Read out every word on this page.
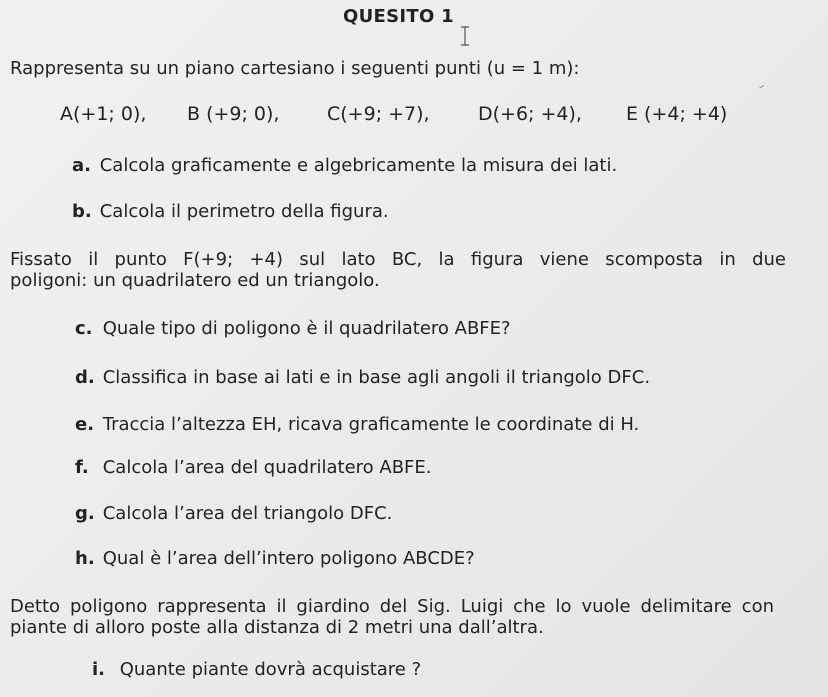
QUESITO 1
Rappresenta su un piano cartesiano i seguenti punti (u = 1 m):
A(+1; 0), B (+9; 0),	C(+9; +7),	D(+6; +4), E (+4; +4)
a. Calcola graficamente e algebricamente la misura dei lati.
b. Calcola il perimetro della figura.
Fissato il punto F(+9; +4) sul lato BC, la figura viene scomposta in due
poligoni: un quadrilatero ed un triangolo.
c. Quale tipo di poligono è il quadrilatero ABFE?
d. Classifica in base ai lati e in base agli angoli il triangolo DFC.
e. Traccia l’altezza EH, ricava graficamente le coordinate di H.
f. Calcola l’area del quadrilatero ABFE.
g. Calcola l’area del triangolo DFC.
h. Qual è l’area dell’intero poligono ABCDE?
Detto poligono rappresenta il giardino del Sig. Luigi che lo vuole delimitare con
piante di alloro poste alla distanza di 2 metri una dall’altra.
i. Quante piante dovrà acquistare ?
